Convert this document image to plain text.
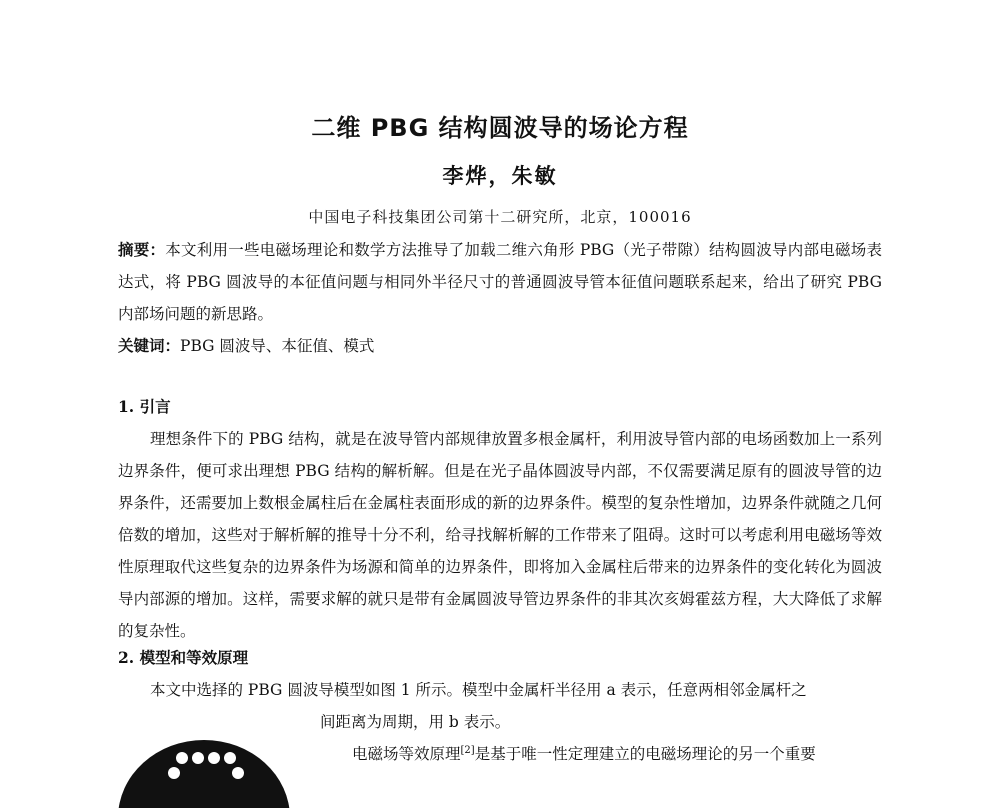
二维 PBG 结构圆波导的场论方程
李烨，朱敏
中国电子科技集团公司第十二研究所，北京，100016
摘要：本文利用一些电磁场理论和数学方法推导了加载二维六角形 PBG（光子带隙）结构圆波导内部电磁场表达式，将 PBG 圆波导的本征值问题与相同外半径尺寸的普通圆波导管本征值问题联系起来，给出了研究 PBG 内部场问题的新思路。
关键词：PBG 圆波导、本征值、模式
1. 引言
理想条件下的 PBG 结构，就是在波导管内部规律放置多根金属杆，利用波导管内部的电场函数加上一系列边界条件，便可求出理想 PBG 结构的解析解。但是在光子晶体圆波导内部，不仅需要满足原有的圆波导管的边界条件，还需要加上数根金属柱后在金属柱表面形成的新的边界条件。模型的复杂性增加，边界条件就随之几何倍数的增加，这些对于解析解的推导十分不利，给寻找解析解的工作带来了阻碍。这时可以考虑利用电磁场等效性原理取代这些复杂的边界条件为场源和简单的边界条件，即将加入金属柱后带来的边界条件的变化转化为圆波导内部源的增加。这样，需要求解的就只是带有金属圆波导管边界条件的非其次亥姆霍兹方程，大大降低了求解的复杂性。
2. 模型和等效原理
本文中选择的 PBG 圆波导模型如图 1 所示。模型中金属杆半径用 a 表示，任意两相邻金属杆之
间距离为周期，用 b 表示。
电磁场等效原理[2]是基于唯一性定理建立的电磁场理论的另一个重要
